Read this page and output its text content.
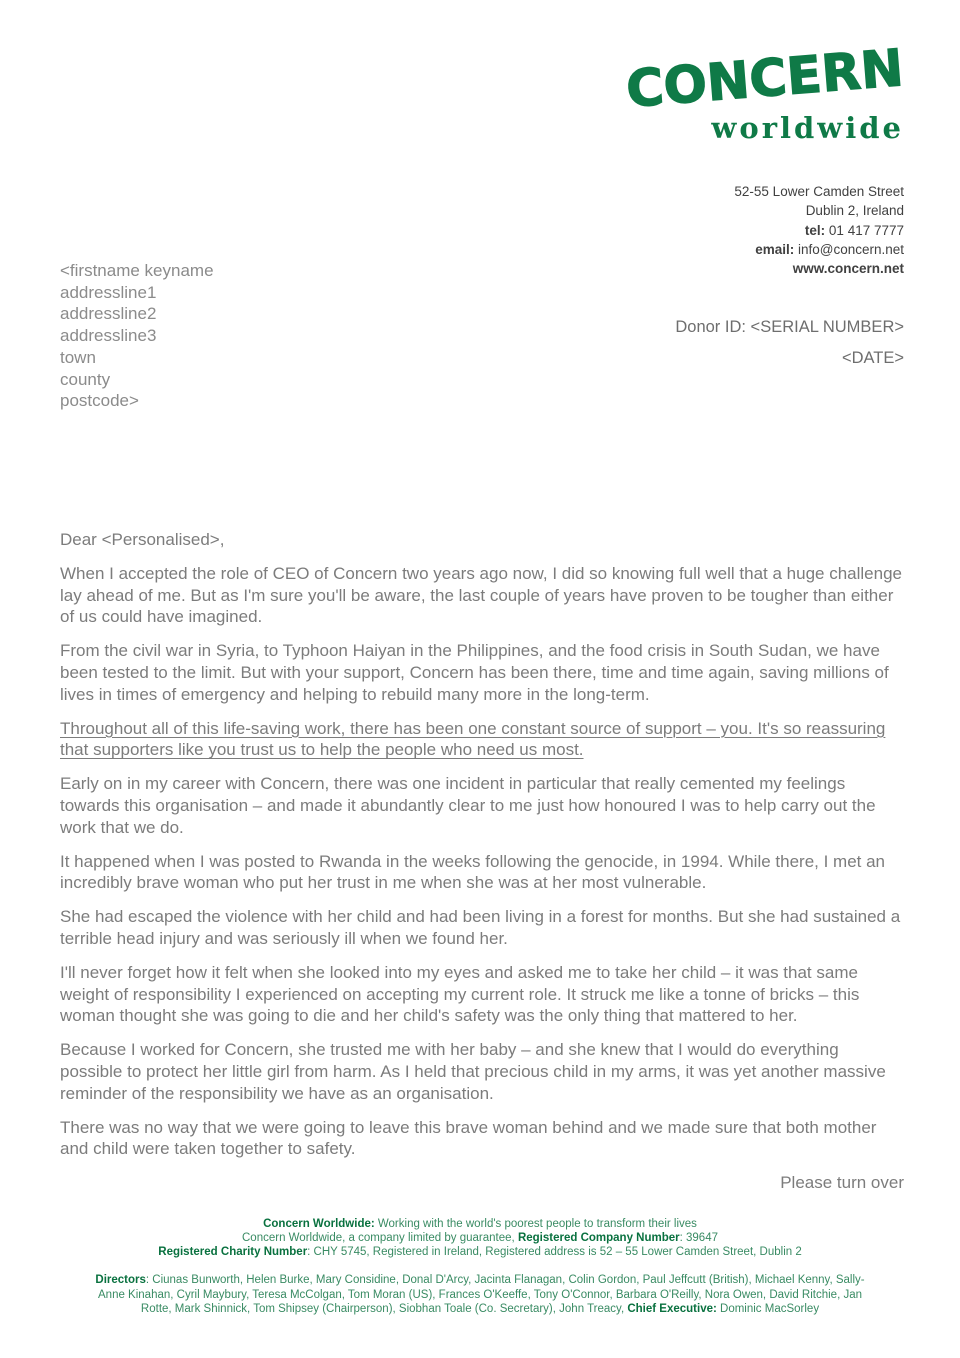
CONCERN
worldwide
52-55 Lower Camden Street
Dublin 2, Ireland
tel: 01 417 7777
email: info@concern.net
www.concern.net
<firstname keyname
addressline1
addressline2
addressline3
town
county
postcode>
Donor ID: <SERIAL NUMBER>
<DATE>

Dear <Personalised>,

When I accepted the role of CEO of Concern two years ago now, I did so knowing full well that a huge challenge lay ahead of me. But as I'm sure you'll be aware, the last couple of years have proven to be tougher than either of us could have imagined.

From the civil war in Syria, to Typhoon Haiyan in the Philippines, and the food crisis in South Sudan, we have been tested to the limit. But with your support, Concern has been there, time and time again, saving millions of lives in times of emergency and helping to rebuild many more in the long-term.

Throughout all of this life-saving work, there has been one constant source of support – you. It's so reassuring that supporters like you trust us to help the people who need us most.

Early on in my career with Concern, there was one incident in particular that really cemented my feelings towards this organisation – and made it abundantly clear to me just how honoured I was to help carry out the work that we do.

It happened when I was posted to Rwanda in the weeks following the genocide, in 1994. While there, I met an incredibly brave woman who put her trust in me when she was at her most vulnerable.

She had escaped the violence with her child and had been living in a forest for months. But she had sustained a terrible head injury and was seriously ill when we found her.

I'll never forget how it felt when she looked into my eyes and asked me to take her child – it was that same weight of responsibility I experienced on accepting my current role. It struck me like a tonne of bricks – this woman thought she was going to die and her child's safety was the only thing that mattered to her.

Because I worked for Concern, she trusted me with her baby – and she knew that I would do everything possible to protect her little girl from harm. As I held that precious child in my arms, it was yet another massive reminder of the responsibility we have as an organisation.

There was no way that we were going to leave this brave woman behind and we made sure that both mother and child were taken together to safety.

Please turn over
Concern Worldwide: Working with the world's poorest people to transform their lives
Concern Worldwide, a company limited by guarantee, Registered Company Number: 39647
Registered Charity Number: CHY 5745, Registered in Ireland, Registered address is 52 – 55 Lower Camden Street, Dublin 2
Directors: Ciunas Bunworth, Helen Burke, Mary Considine, Donal D'Arcy, Jacinta Flanagan, Colin Gordon, Paul Jeffcutt (British), Michael Kenny, Sally-Anne Kinahan, Cyril Maybury, Teresa McColgan, Tom Moran (US), Frances O'Keeffe, Tony O'Connor, Barbara O'Reilly, Nora Owen, David Ritchie, Jan Rotte, Mark Shinnick, Tom Shipsey (Chairperson), Siobhan Toale (Co. Secretary), John Treacy, Chief Executive: Dominic MacSorley
